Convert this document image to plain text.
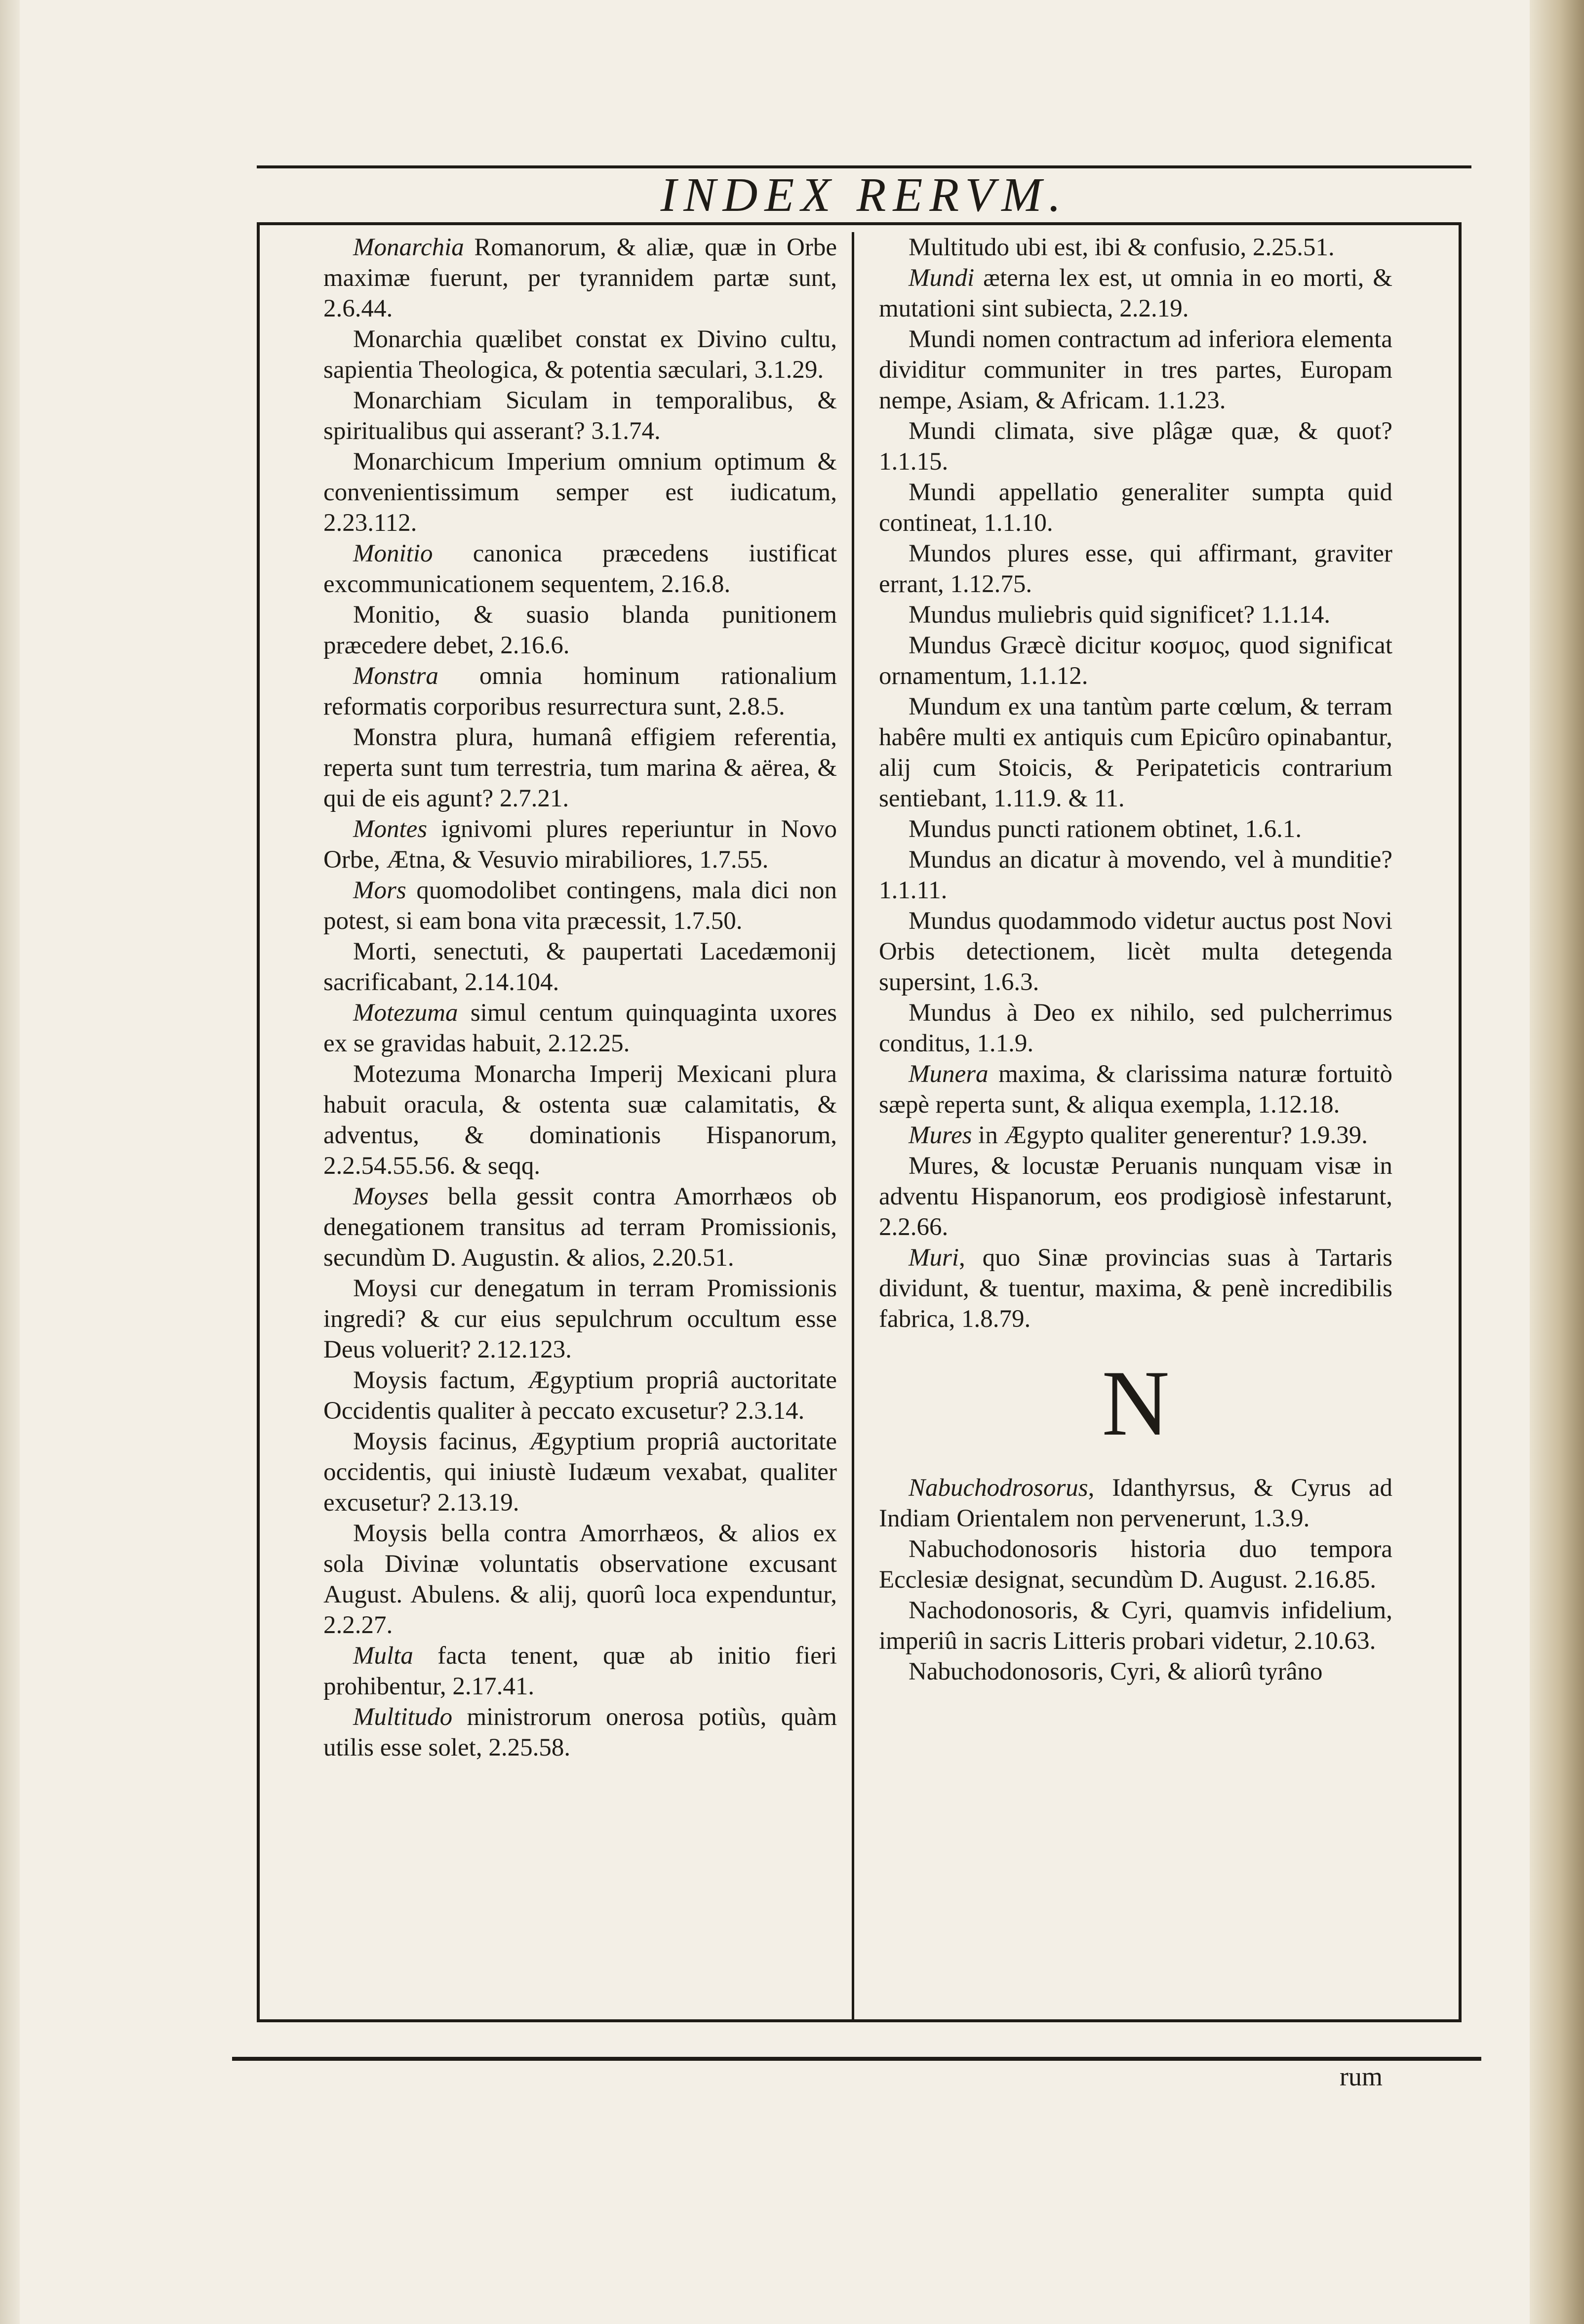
INDEX RERVM.

Monarchia Romanorum, & aliæ, quæ in Orbe maximæ fuerunt, per tyrannidem partæ sunt, 2.6.44.

Monarchia quælibet constat ex Divino cultu, sapientia Theologica, & potentia sæculari, 3.1.29.

Monarchiam Siculam in temporalibus, & spiritualibus qui asserant? 3.1.74.

Monarchicum Imperium omnium optimum & convenientissimum semper est iudicatum, 2.23.112.

Monitio canonica præcedens iustificat excommunicationem sequentem, 2.16.8.

Monitio, & suasio blanda punitionem præcedere debet, 2.16.6.

Monstra omnia hominum rationalium reformatis corporibus resurrectura sunt, 2.8.5.

Monstra plura, humanâ effigiem referentia, reperta sunt tum terrestria, tum marina & aërea, & qui de eis agunt? 2.7.21.

Montes ignivomi plures reperiuntur in Novo Orbe, Ætna, & Vesuvio mirabiliores, 1.7.55.

Mors quomodolibet contingens, mala dici non potest, si eam bona vita præcessit, 1.7.50.

Morti, senectuti, & paupertati Lacedæmonij sacrificabant, 2.14.104.

Motezuma simul centum quinquaginta uxores ex se gravidas habuit, 2.12.25.

Motezuma Monarcha Imperij Mexicani plura habuit oracula, & ostenta suæ calamitatis, & adventus, & dominationis Hispanorum, 2.2.54.55.56. & seqq.

Moyses bella gessit contra Amorrhæos ob denegationem transitus ad terram Promissionis, secundùm D. Augustin. & alios, 2.20.51.

Moysi cur denegatum in terram Promissionis ingredi? & cur eius sepulchrum occultum esse Deus voluerit? 2.12.123.

Moysis factum, Ægyptium propriâ auctoritate Occidentis qualiter à peccato excusetur? 2.3.14.

Moysis facinus, Ægyptium propriâ auctoritate occidentis, qui iniustè Iudæum vexabat, qualiter excusetur? 2.13.19.

Moysis bella contra Amorrhæos, & alios ex sola Divinæ voluntatis observatione excusant August. Abulens. & alij, quorû loca expenduntur, 2.2.27.

Multa facta tenent, quæ ab initio fieri prohibentur, 2.17.41.

Multitudo ministrorum onerosa potiùs, quàm utilis esse solet, 2.25.58.

Multitudo ubi est, ibi & confusio, 2.25.51.

Mundi æterna lex est, ut omnia in eo morti, & mutationi sint subiecta, 2.2.19.

Mundi nomen contractum ad inferiora elementa dividitur communiter in tres partes, Europam nempe, Asiam, & Africam. 1.1.23.

Mundi climata, sive plâgæ quæ, & quot? 1.1.15.

Mundi appellatio generaliter sumpta quid contineat, 1.1.10.

Mundos plures esse, qui affirmant, graviter errant, 1.12.75.

Mundus muliebris quid significet? 1.1.14.

Mundus Græcè dicitur κοσμος, quod significat ornamentum, 1.1.12.

Mundum ex una tantùm parte cœlum, & terram habêre multi ex antiquis cum Epicûro opinabantur, alij cum Stoicis, & Peripateticis contrarium sentiebant, 1.11.9. & 11.

Mundus puncti rationem obtinet, 1.6.1.

Mundus an dicatur à movendo, vel à munditie? 1.1.11.

Mundus quodammodo videtur auctus post Novi Orbis detectionem, licèt multa detegenda supersint, 1.6.3.

Mundus à Deo ex nihilo, sed pulcherrimus conditus, 1.1.9.

Munera maxima, & clarissima naturæ fortuitò sæpè reperta sunt, & aliqua exempla, 1.12.18.

Mures in Ægypto qualiter generentur? 1.9.39.

Mures, & locustæ Peruanis nunquam visæ in adventu Hispanorum, eos prodigiosè infestarunt, 2.2.66.

Muri, quo Sinæ provincias suas à Tartaris dividunt, & tuentur, maxima, & penè incredibilis fabrica, 1.8.79.

N

Nabuchodrosorus, Idanthyrsus, & Cyrus ad Indiam Orientalem non pervenerunt, 1.3.9.

Nabuchodonosoris historia duo tempora Ecclesiæ designat, secundùm D. August. 2.16.85.

Nachodonosoris, & Cyri, quamvis infidelium, imperiû in sacris Litteris probari videtur, 2.10.63.

Nabuchodonosoris, Cyri, & aliorû tyrâno

rum
